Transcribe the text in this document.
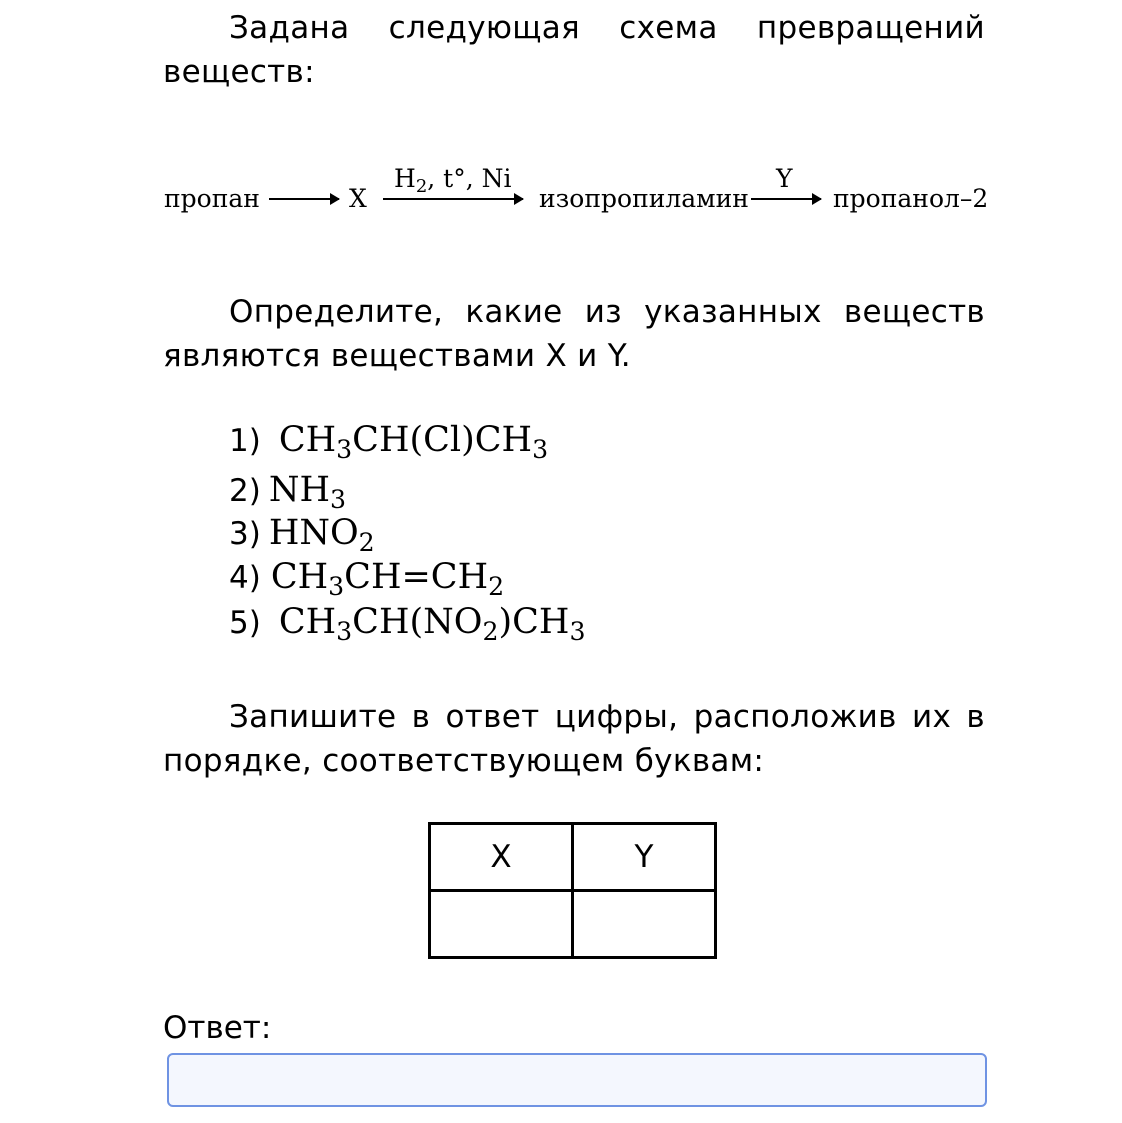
Задана следующая схема превращений веществ:
пропан	X
$H_2$, t°, Ni
изопропиламин
Y
пропанол–2
Определите, какие из указанных веществ являются веществами X и Y.
1) $CH_3CH(Cl)CH_3$
2) $NH_3$
3) $HNO_2$
4) $CH_3CH=CH_2$
5) $CH_3CH(NO_2)CH_3$
Запишите в ответ цифры, расположив их в порядке, соответствующем буквам:
X	Y

Ответ:
